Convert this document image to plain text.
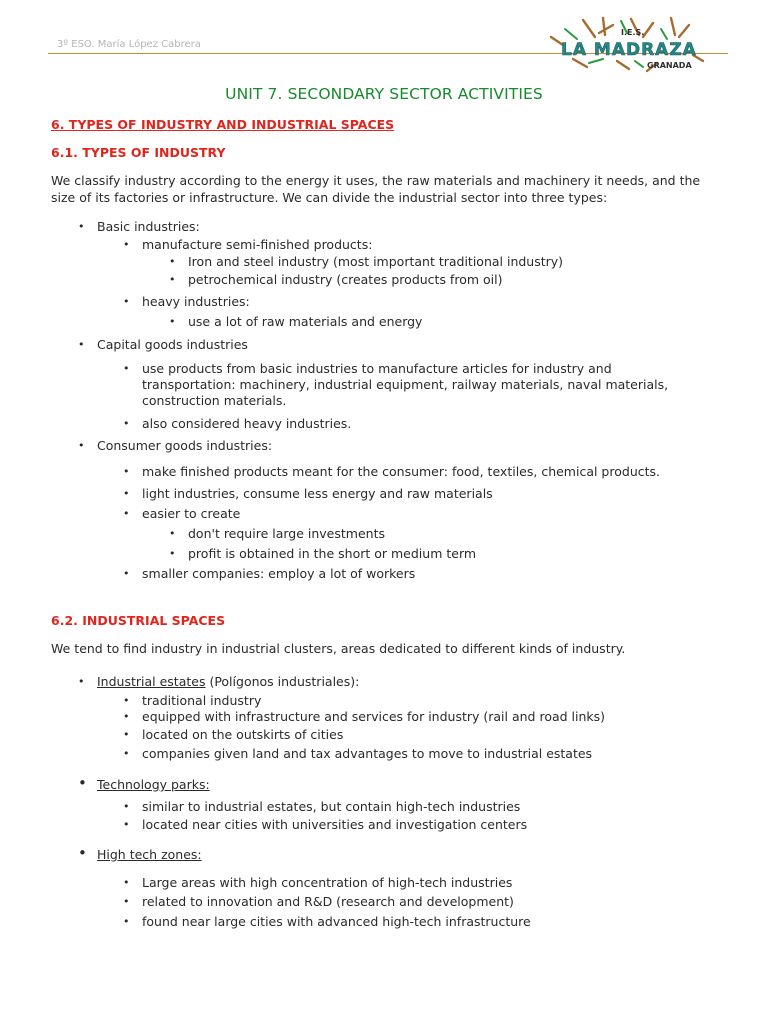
3º ESO. María López Cabrera

I.E.S.
LA MADRAZA
GRANADA
UNIT 7. SECONDARY SECTOR ACTIVITIES
6. TYPES OF INDUSTRY AND INDUSTRIAL SPACES
6.1. TYPES OF INDUSTRY

We classify industry according to the energy it uses, the raw materials and machinery it needs, and the size of its factories or infrastructure. We can divide the industrial sector into three types:

• Basic industries:

• manufacture semi-finished products:

• Iron and steel industry (most important traditional industry)

• petrochemical industry (creates products from oil)

• heavy industries:

• use a lot of raw materials and energy

• Capital goods industries

• use products from basic industries to manufacture articles for industry and transportation: machinery, industrial equipment, railway materials, naval materials, construction materials.

• also considered heavy industries.

• Consumer goods industries:

• make finished products meant for the consumer: food, textiles, chemical products.

• light industries, consume less energy and raw materials

• easier to create

• don't require large investments

• profit is obtained in the short or medium term

• smaller companies: employ a lot of workers

6.2. INDUSTRIAL SPACES

We tend to find industry in industrial clusters, areas dedicated to different kinds of industry.

• Industrial estates (Polígonos industriales):

• traditional industry

• equipped with infrastructure and services for industry (rail and road links)

• located on the outskirts of cities

• companies given land and tax advantages to move to industrial estates

• Technology parks:

• similar to industrial estates, but contain high-tech industries

• located near cities with universities and investigation centers

• High tech zones:

• Large areas with high concentration of high-tech industries

• related to innovation and R&D (research and development)

• found near large cities with advanced high-tech infrastructure
